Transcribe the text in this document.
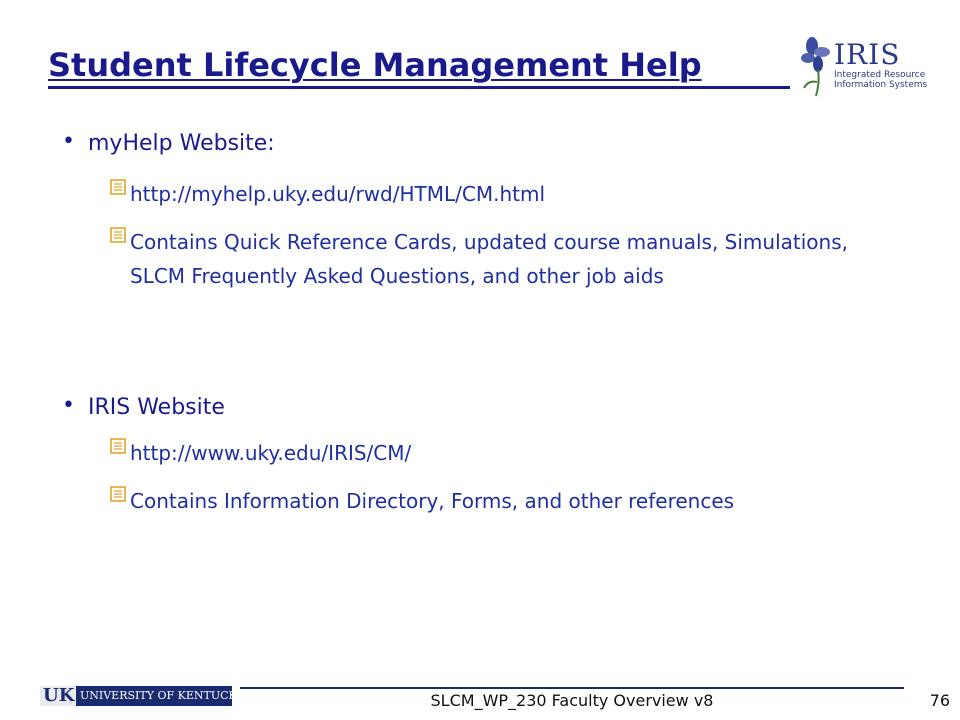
Student Lifecycle Management Help	IRIS
Integrated Resource
Information Systems
• myHelp Website:
http://myhelp.uky.edu/rwd/HTML/CM.html
Contains Quick Reference Cards, updated course manuals, Simulations, SLCM Frequently Asked Questions, and other job aids
• IRIS Website
http://www.uky.edu/IRIS/CM/
Contains Information Directory, Forms, and other references
UK UNIVERSITY OF KENTUCKY	SLCM_WP_230 Faculty Overview v8	76
